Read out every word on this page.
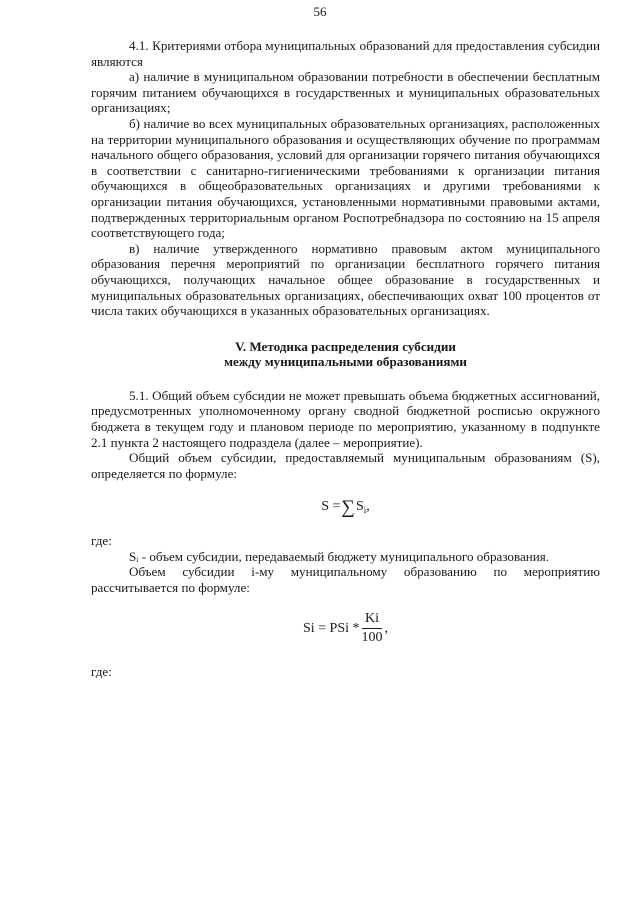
56

4.1. Критериями отбора муниципальных образований для предоставления субсидии являются

а) наличие в муниципальном образовании потребности в обеспечении бесплатным горячим питанием обучающихся в государственных и муниципальных образовательных организациях;

б) наличие во всех муниципальных образовательных организациях, расположенных на территории муниципального образования и осуществляющих обучение по программам начального общего образования, условий для организации горячего питания обучающихся в соответствии с санитарно-гигиеническими требованиями к организации питания обучающихся в общеобразовательных организациях и другими требованиями к организации питания обучающихся, установленными нормативными правовыми актами, подтвержденных территориальным органом Роспотребнадзора по состоянию на 15 апреля соответствующего года;

в) наличие утвержденного нормативно правовым актом муниципального образования перечня мероприятий по организации бесплатного горячего питания обучающихся, получающих начальное общее образование в государственных и муниципальных образовательных организациях, обеспечивающих охват 100 процентов от числа таких обучающихся в указанных образовательных организациях.

V. Методика распределения субсидии
между муниципальными образованиями

5.1. Общий объем субсидии не может превышать объема бюджетных ассигнований, предусмотренных уполномоченному органу сводной бюджетной росписью окружного бюджета в текущем году и плановом периоде по мероприятию, указанному в подпункте 2.1 пункта 2 настоящего подраздела (далее – мероприятие).

Общий объем субсидии, предоставляемый муниципальным образованиям (S), определяется по формуле:

S = ∑ S i ,

где:

Sᵢ - объем субсидии, передаваемый бюджету муниципального образования.

Объем субсидии i-му муниципальному образованию по мероприятию рассчитывается по формуле:

Si = PSi * $\frac{Ki}{100}$ ,

где:
